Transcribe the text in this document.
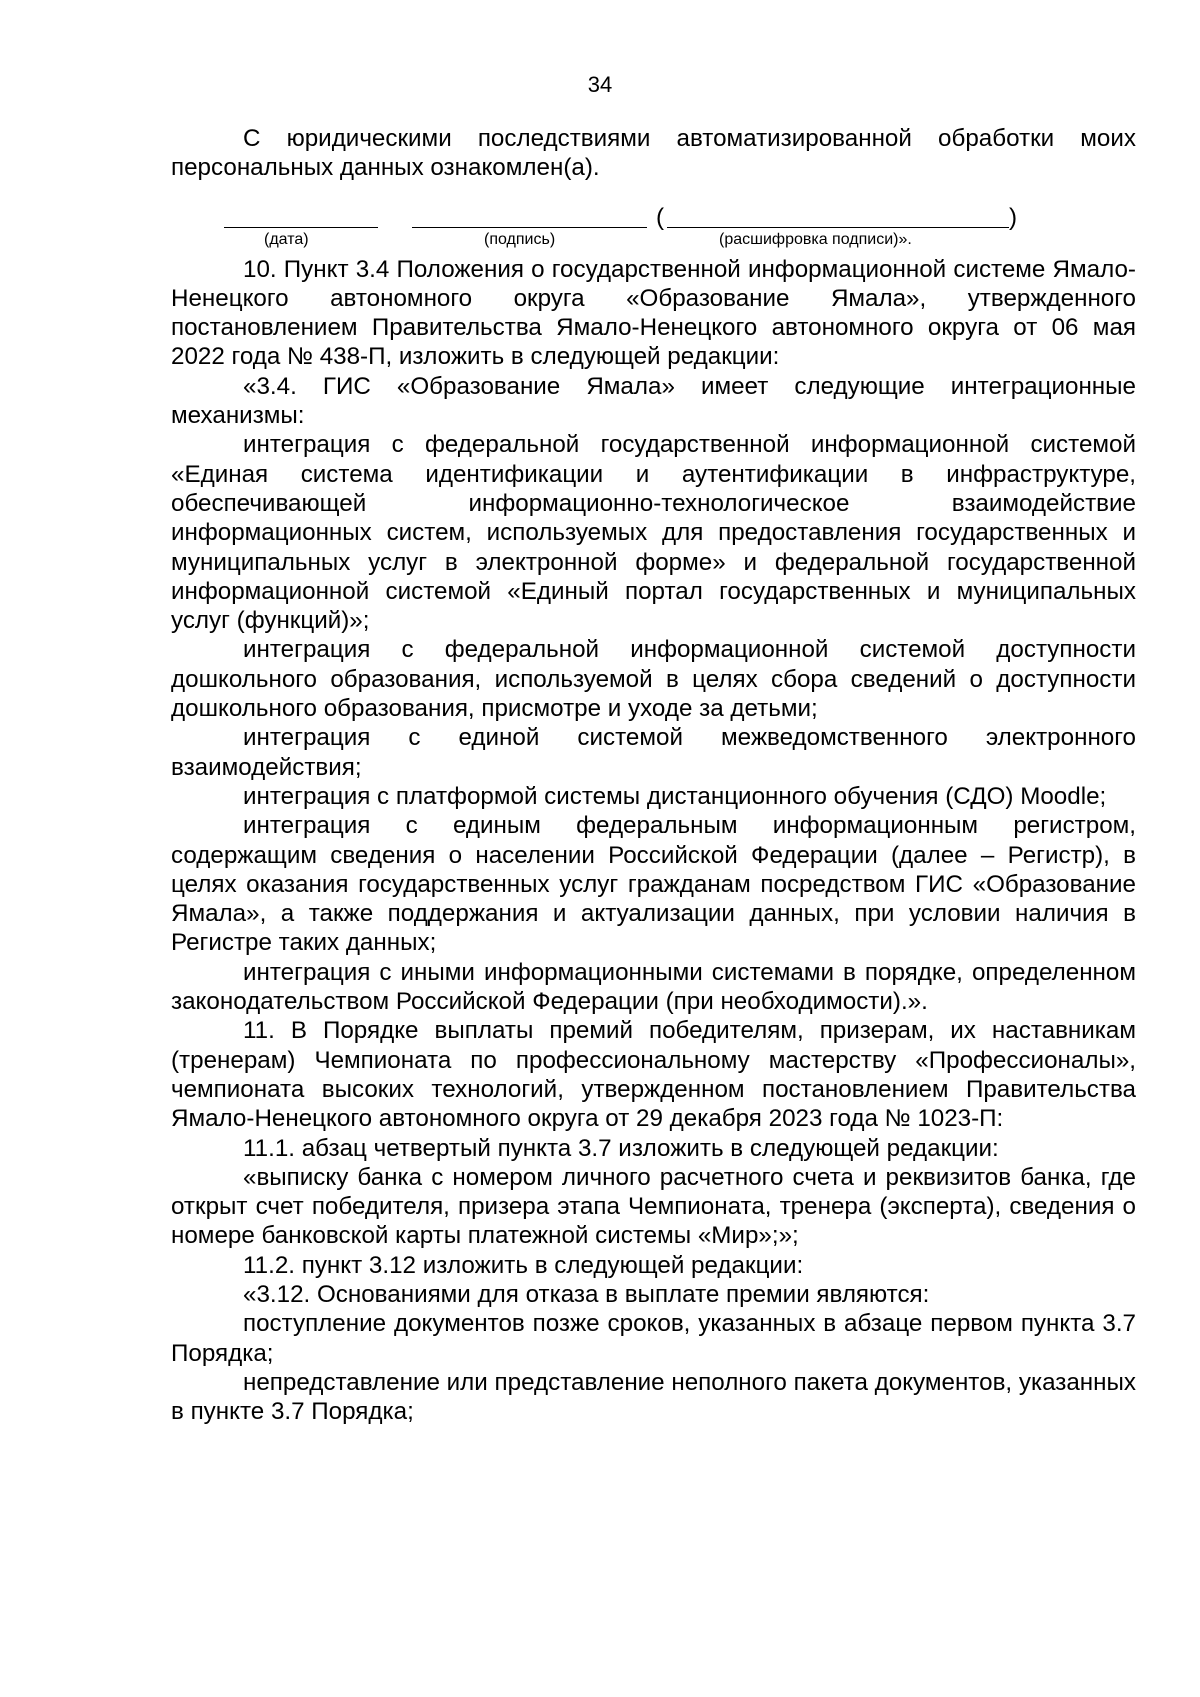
34

С юридическими последствиями автоматизированной обработки моих персональных данных ознакомлен(а).

(	)
(дата)	(подпись)	(расшифровка подписи)».

10. Пункт 3.4 Положения о государственной информационной системе Ямало-Ненецкого автономного округа «Образование Ямала», утвержденного постановлением Правительства Ямало-Ненецкого автономного округа от 06 мая 2022 года № 438-П, изложить в следующей редакции:

«3.4. ГИС «Образование Ямала» имеет следующие интеграционные механизмы:

интеграция с федеральной государственной информационной системой «Единая система идентификации и аутентификации в инфраструктуре, обеспечивающей информационно-технологическое взаимодействие информационных систем, используемых для предоставления государственных и муниципальных услуг в электронной форме» и федеральной государственной информационной системой «Единый портал государственных и муниципальных услуг (функций)»;

интеграция с федеральной информационной системой доступности дошкольного образования, используемой в целях сбора сведений о доступности дошкольного образования, присмотре и уходе за детьми;

интеграция с единой системой межведомственного электронного взаимодействия;

интеграция с платформой системы дистанционного обучения (СДО) Moodle;

интеграция с единым федеральным информационным регистром, содержащим сведения о населении Российской Федерации (далее – Регистр), в целях оказания государственных услуг гражданам посредством ГИС «Образование Ямала», а также поддержания и актуализации данных, при условии наличия в Регистре таких данных;

интеграция с иными информационными системами в порядке, определенном законодательством Российской Федерации (при необходимости).».

11. В Порядке выплаты премий победителям, призерам, их наставникам (тренерам) Чемпионата по профессиональному мастерству «Профессионалы», чемпионата высоких технологий, утвержденном постановлением Правительства Ямало-Ненецкого автономного округа от 29 декабря 2023 года № 1023-П:

11.1. абзац четвертый пункта 3.7 изложить в следующей редакции:

«выписку банка с номером личного расчетного счета и реквизитов банка, где открыт счет победителя, призера этапа Чемпионата, тренера (эксперта), сведения о номере банковской карты платежной системы «Мир»;»;

11.2. пункт 3.12 изложить в следующей редакции:

«3.12. Основаниями для отказа в выплате премии являются:

поступление документов позже сроков, указанных в абзаце первом пункта 3.7 Порядка;

непредставление или представление неполного пакета документов, указанных в пункте 3.7 Порядка;
